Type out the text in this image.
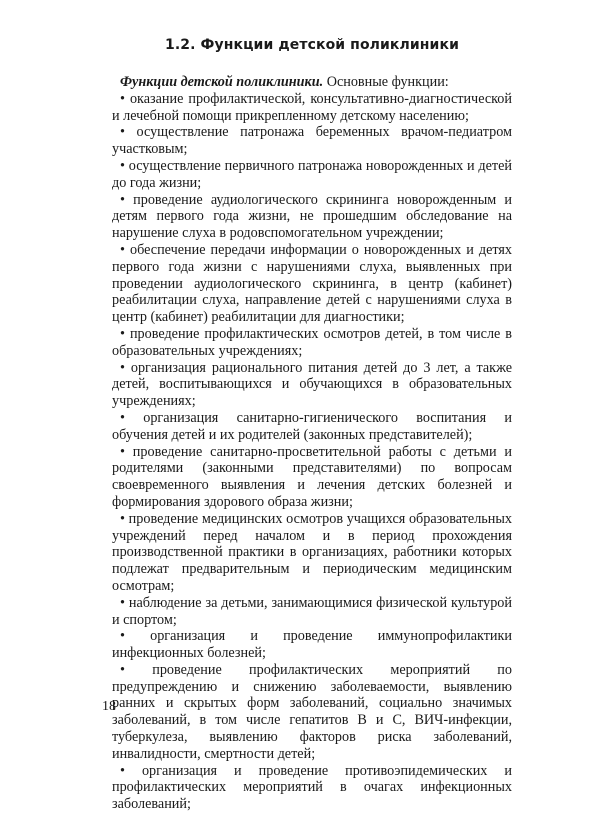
1.2. Функции детской поликлиники

Функции детской поликлиники. Основные функции:

• оказание профилактической, консультативно-диагностической и лечебной помощи прикрепленному детскому населению;

• осуществление патронажа беременных врачом-педиатром участковым;

• осуществление первичного патронажа новорожденных и детей до года жизни;

• проведение аудиологического скрининга новорожденным и детям первого года жизни, не прошедшим обследование на нарушение слуха в родовспомогательном учреждении;

• обеспечение передачи информации о новорожденных и детях первого года жизни с нарушениями слуха, выявленных при проведении аудиологического скрининга, в центр (кабинет) реабилитации слуха, направление детей с нарушениями слуха в центр (кабинет) реабилитации для диагностики;

• проведение профилактических осмотров детей, в том числе в образовательных учреждениях;

• организация рационального питания детей до 3 лет, а также детей, воспитывающихся и обучающихся в образовательных учреждениях;

• организация санитарно-гигиенического воспитания и обучения детей и их родителей (законных представителей);

• проведение санитарно-просветительной работы с детьми и родителями (законными представителями) по вопросам своевременного выявления и лечения детских болезней и формирования здорового образа жизни;

• проведение медицинских осмотров учащихся образовательных учреждений перед началом и в период прохождения производственной практики в организациях, работники которых подлежат предварительным и периодическим медицинским осмотрам;

• наблюдение за детьми, занимающимися физической культурой и спортом;

• организация и проведение иммунопрофилактики инфекционных болезней;

• проведение профилактических мероприятий по предупреждению и снижению заболеваемости, выявлению ранних и скрытых форм заболеваний, социально значимых заболеваний, в том числе гепатитов B и C, ВИЧ-инфекции, туберкулеза, выявлению факторов риска заболеваний, инвалидности, смертности детей;

• организация и проведение противоэпидемических и профилактических мероприятий в очагах инфекционных заболеваний;

18
